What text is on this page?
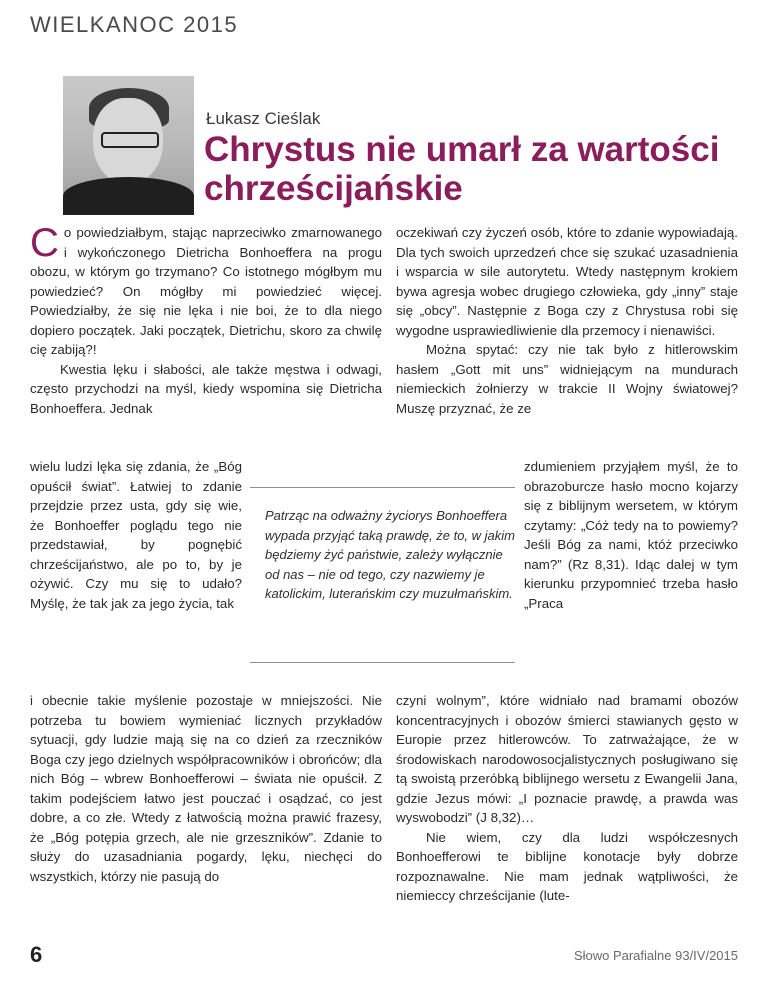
WIELKANOC 2015
Łukasz Cieślak
Chrystus nie umarł za wartości chrześcijańskie
Co powiedziałbym, stając naprzeciwko zmarnowanego i wykończonego Dietricha Bonhoeffera na progu obozu, w którym go trzymano? Co istotnego mógłbym mu powiedzieć? On mógłby mi powiedzieć więcej. Powiedziałby, że się nie lęka i nie boi, że to dla niego dopiero początek. Jaki początek, Dietrichu, skoro za chwilę cię zabiją?!
Kwestia lęku i słabości, ale także męstwa i odwagi, często przychodzi na myśl, kiedy wspomina się Dietricha Bonhoeffera. Jednak
wielu ludzi lęka się zdania, że „Bóg opuścił świat”. Łatwiej to zdanie przejdzie przez usta, gdy się wie, że Bonhoeffer poglądu tego nie przedstawiał, by pognębić chrześcijaństwo, ale po to, by je ożywić. Czy mu się to udało? Myślę, że tak jak za jego życia, tak
i obecnie takie myślenie pozostaje w mniejszości. Nie potrzeba tu bowiem wymieniać licznych przykładów sytuacji, gdy ludzie mają się na co dzień za rzeczników Boga czy jego dzielnych współpracowników i obrońców; dla nich Bóg – wbrew Bonhoefferowi – świata nie opuścił. Z takim podejściem łatwo jest pouczać i osądzać, co jest dobre, a co złe. Wtedy z łatwością można prawić frazesy, że „Bóg potępia grzech, ale nie grzeszników”. Zdanie to służy do uzasadniania pogardy, lęku, niechęci do wszystkich, którzy nie pasują do
oczekiwań czy życzeń osób, które to zdanie wypowiadają. Dla tych swoich uprzedzeń chce się szukać uzasadnienia i wsparcia w sile autorytetu. Wtedy następnym krokiem bywa agresja wobec drugiego człowieka, gdy „inny” staje się „obcy”. Następnie z Boga czy z Chrystusa robi się wygodne usprawiedliwienie dla przemocy i nienawiści.
Można spytać: czy nie tak było z hitlerowskim hasłem „Gott mit uns” widniejącym na mundurach niemieckich żołnierzy w trakcie II Wojny światowej? Muszę przyznać, że ze
zdumieniem przyjąłem myśl, że to obrazoburcze hasło mocno kojarzy się z biblijnym wersetem, w którym czytamy: „Cóż tedy na to powiemy? Jeśli Bóg za nami, któż przeciwko nam?” (Rz 8,31). Idąc dalej w tym kierunku przypomnieć trzeba hasło „Praca
czyni wolnym”, które widniało nad bramami obozów koncentracyjnych i obozów śmierci stawianych gęsto w Europie przez hitlerowców. To zatrważające, że w środowiskach narodowosocjalistycznych posługiwano się tą swoistą przeróbką biblijnego wersetu z Ewangelii Jana, gdzie Jezus mówi: „I poznacie prawdę, a prawda was wyswobodzi” (J 8,32)…
Nie wiem, czy dla ludzi współczesnych Bonhoefferowi te biblijne konotacje były dobrze rozpoznawalne. Nie mam jednak wątpliwości, że niemieccy chrześcijanie (lute-
Patrząc na odważny życiorys Bonhoeffera wypada przyjąć taką prawdę, że to, w jakim będziemy żyć państwie, zależy wyłącznie od nas – nie od tego, czy nazwiemy je katolickim, luterańskim czy muzułmańskim.
6	Słowo Parafialne 93/IV/2015
